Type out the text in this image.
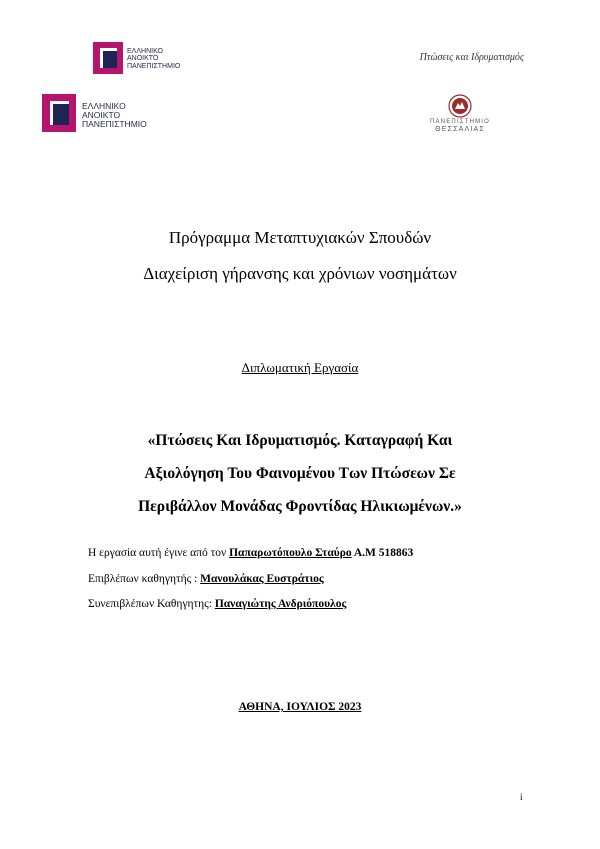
ΕΛΛΗΝΙΚΟ
ΑΝΟΙΚΤΟ
ΠΑΝΕΠΙΣΤΗΜΙΟ
Πτώσεις και Ιδρυματισμός
ΕΛΛΗΝΙΚΟ
ΑΝΟΙΚΤΟ
ΠΑΝΕΠΙΣΤΗΜΙΟ	ΠΑΝΕΠΙΣΤΗΜΙΟ
ΘΕΣΣΑΛΙΑΣ
Πρόγραμμα Μεταπτυχιακών Σπουδών
Διαχείριση γήρανσης και χρόνιων νοσημάτων
Διπλωματική Εργασία
«Πτώσεις Και Ιδρυματισμός. Καταγραφή Και
Αξιολόγηση Του Φαινομένου Των Πτώσεων Σε
Περιβάλλον Μονάδας Φροντίδας Ηλικιωμένων.»
Η εργασία αυτή έγινε από τον Παπαρωτόπουλο Σταύρο Α.Μ 518863
Επιβλέπων καθηγητής : Μανουλάκας Ευστράτιος
Συνεπιβλέπων Καθηγητης: Παναγιώτης Ανδριόπουλος
ΑΘΗΝΑ, ΙΟΥΛΙΟΣ 2023
i
